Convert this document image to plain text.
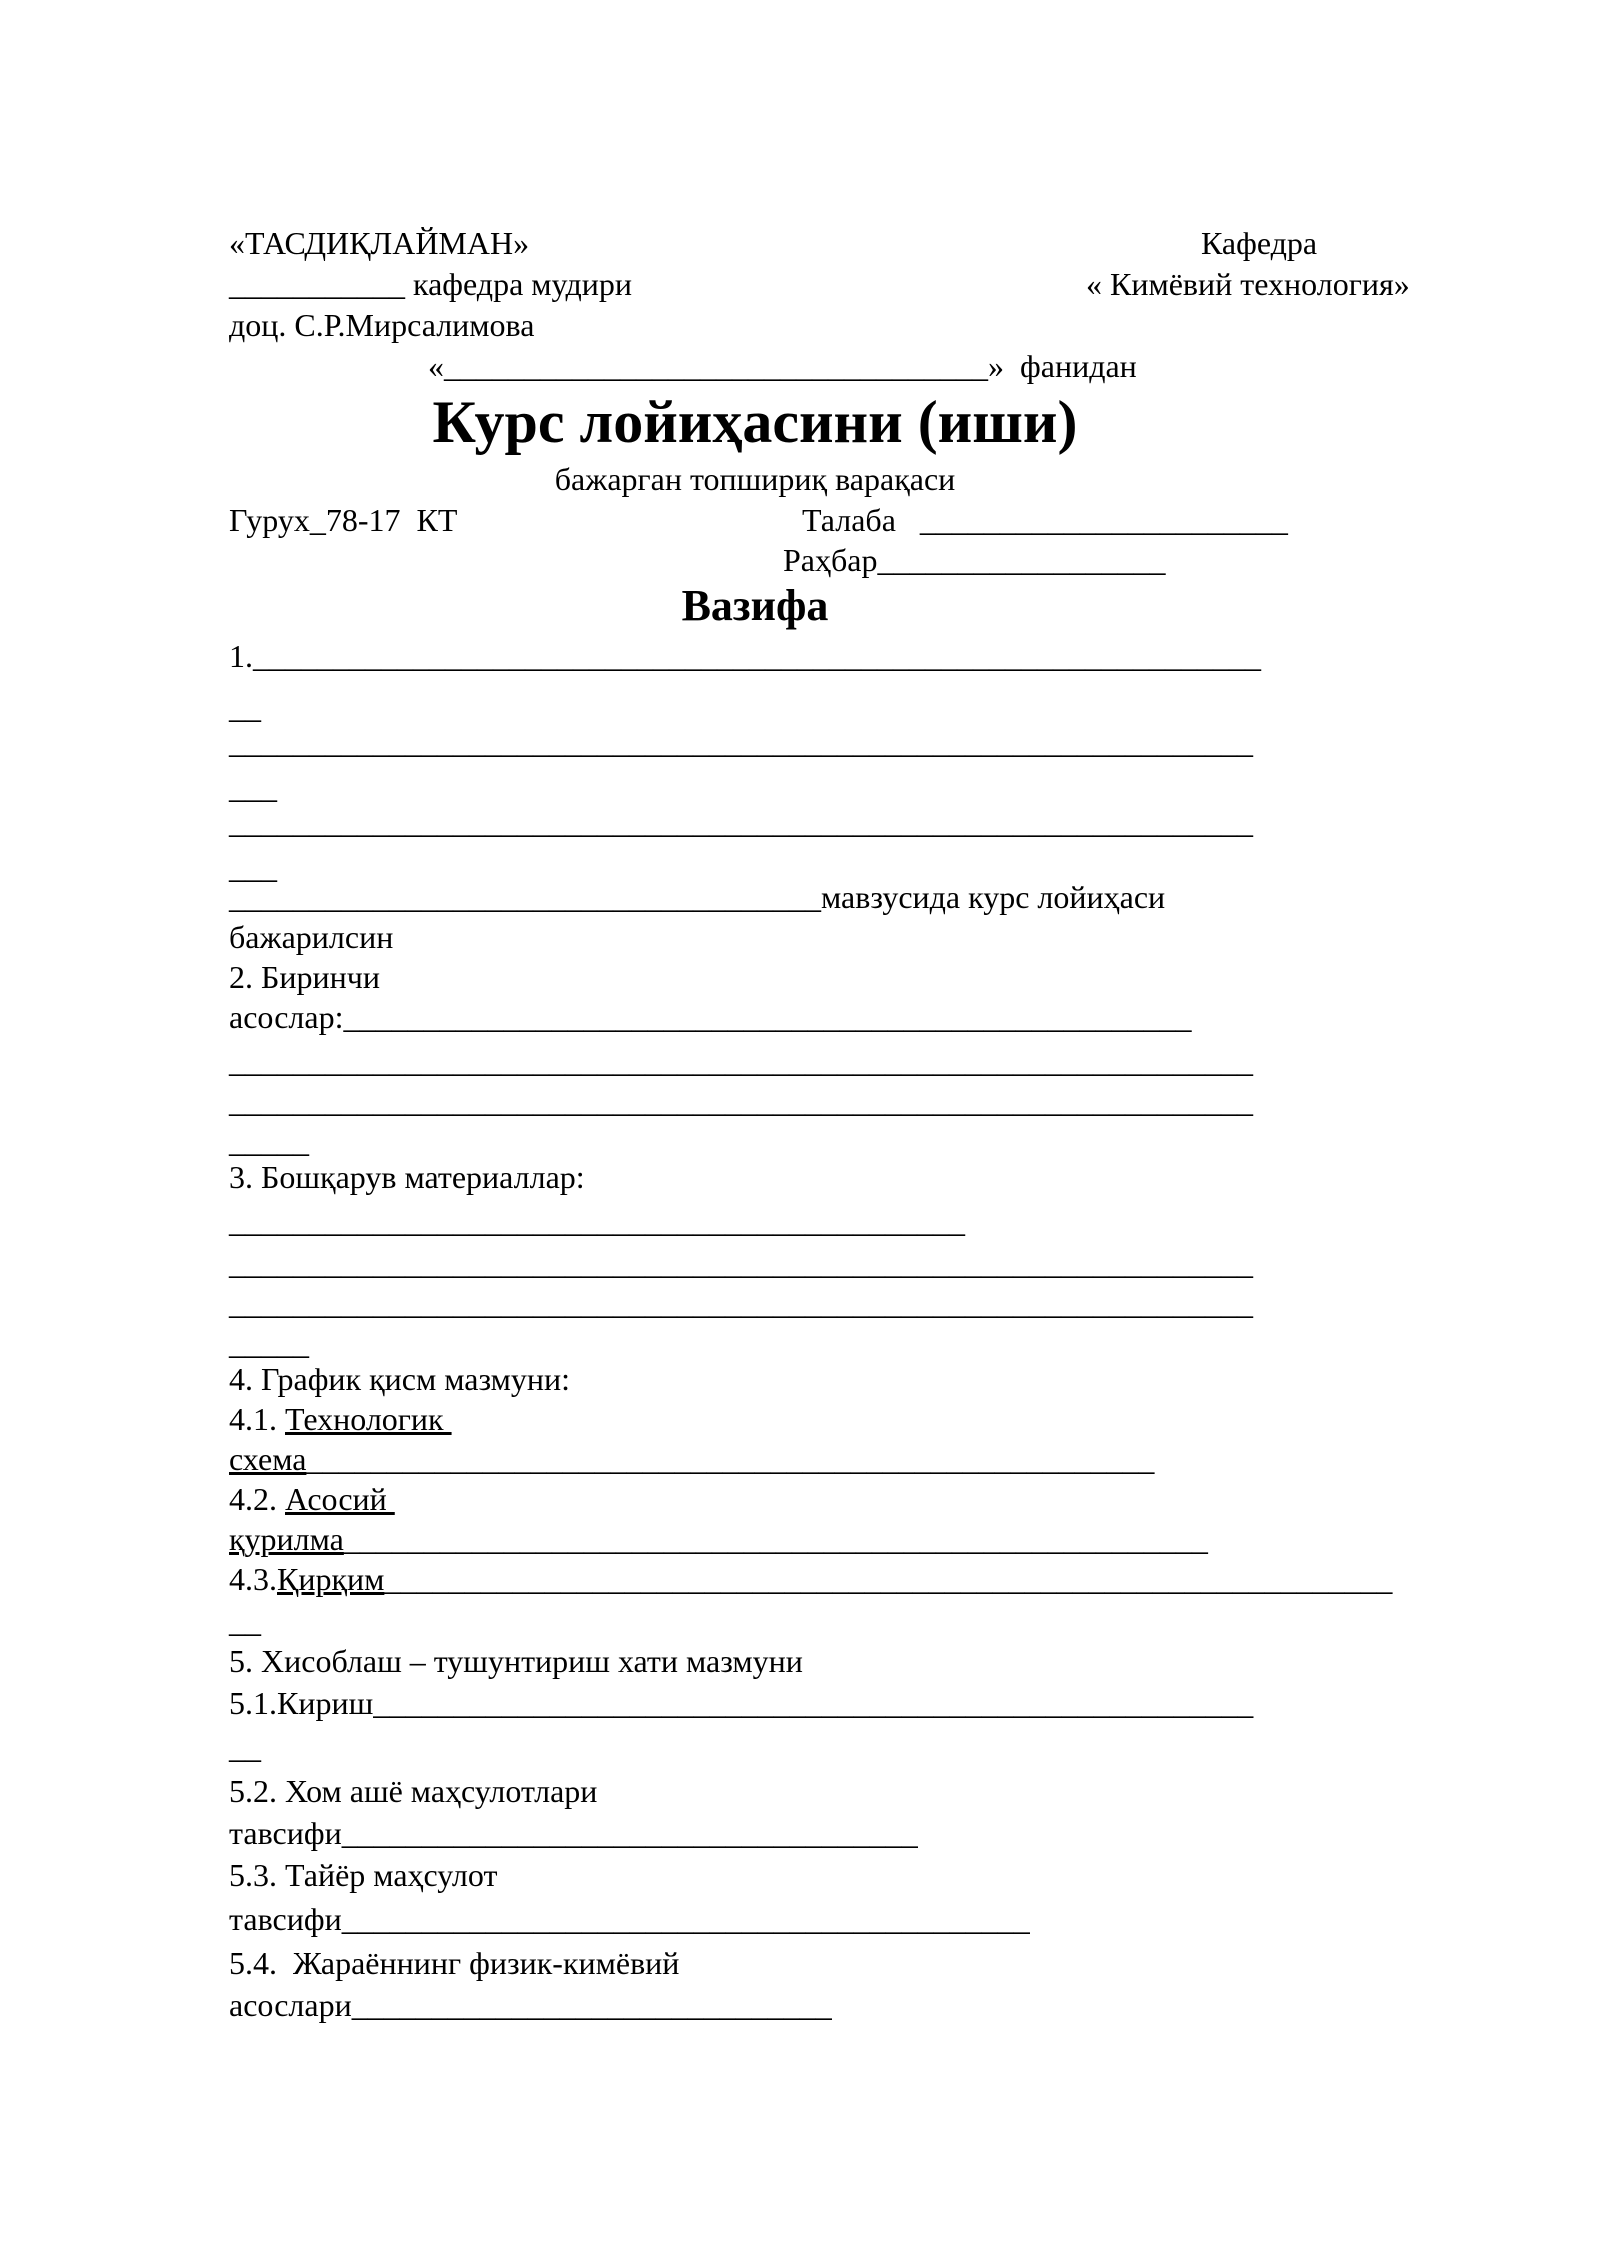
«ТАСДИҚЛАЙМАН»
___________ кафедра мудири
доц. С.Р.Мирсалимова
Кафедра
« Кимёвий технология»
«__________________________________»  фанидан
Курс лойиҳасини (иши)
бажарган топшириқ варақаси
Гурух_78-17  КТ	Талаба   _______________________
Раҳбар__________________
Вазифа
1._______________________________________________________________
__
________________________________________________________________
___
________________________________________________________________
___
_____________________________________мавзусида курс лойиҳаси
бажарилсин
2. Биринчи
асослар:_____________________________________________________
________________________________________________________________
________________________________________________________________
_____
3. Бошқарув материаллар:
______________________________________________
________________________________________________________________
________________________________________________________________
_____
4. График қисм мазмуни:
4.1. Технологик
схема_____________________________________________________
4.2. Асосий
қурилма______________________________________________________
4.3.Қирқим_______________________________________________________________
__
5. Хисоблаш – тушунтириш хати мазмуни
5.1.Кириш_______________________________________________________
__
5.2. Хом ашё маҳсулотлари
тавсифи____________________________________
5.3. Тайёр маҳсулот
тавсифи___________________________________________
5.4.  Жараённинг физик-кимёвий
асослари______________________________
